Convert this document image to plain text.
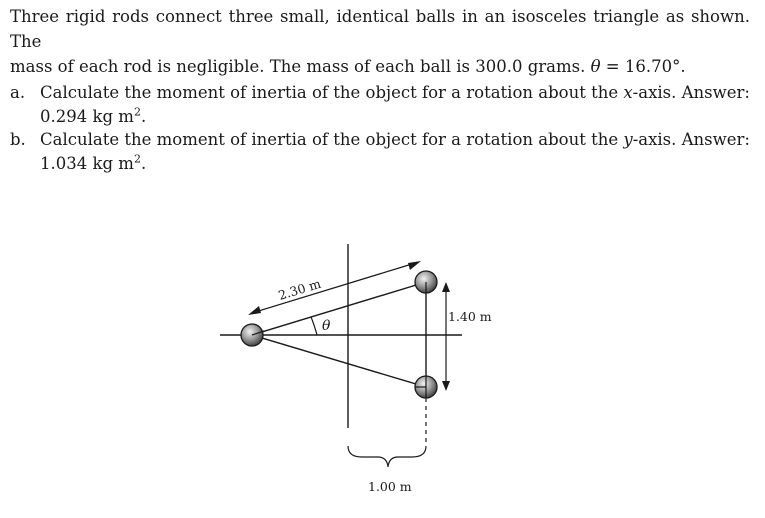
Three rigid rods connect three small, identical balls in an isosceles triangle as shown. The
mass of each rod is negligible. The mass of each ball is 300.0 grams. θ = 16.70°.

a. Calculate the moment of inertia of the object for a rotation about the x-axis. Answer:
0.294 kg $m^2$.
b. Calculate the moment of inertia of the object for a rotation about the y-axis. Answer:
1.034 kg $m^2$.
2.30 m
θ
1.40 m
1.00 m
